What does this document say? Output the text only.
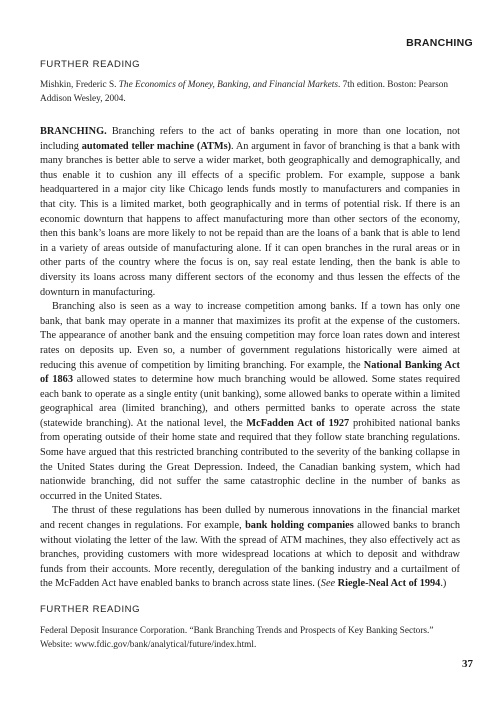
BRANCHING
FURTHER READING
Mishkin, Frederic S. The Economics of Money, Banking, and Financial Markets. 7th edition. Boston: Pearson Addison Wesley, 2004.

BRANCHING. Branching refers to the act of banks operating in more than one location, not including automated teller machine (ATMs). An argument in favor of branching is that a bank with many branches is better able to serve a wider market, both geographically and demographically, and thus enable it to cushion any ill effects of a specific problem. For example, suppose a bank headquartered in a major city like Chicago lends funds mostly to manufacturers and companies in that city. This is a limited market, both geographically and in terms of potential risk. If there is an economic downturn that happens to affect manufacturing more than other sectors of the economy, then this bank’s loans are more likely to not be repaid than are the loans of a bank that is able to lend in a variety of areas outside of manufacturing alone. If it can open branches in the rural areas or in other parts of the country where the focus is on, say real estate lending, then the bank is able to diversity its loans across many different sectors of the economy and thus lessen the effects of the downturn in manufacturing.

Branching also is seen as a way to increase competition among banks. If a town has only one bank, that bank may operate in a manner that maximizes its profit at the expense of the customers. The appearance of another bank and the ensuing competition may force loan rates down and interest rates on deposits up. Even so, a number of government regulations historically were aimed at reducing this avenue of competition by limiting branching. For example, the National Banking Act of 1863 allowed states to determine how much branching would be allowed. Some states required each bank to operate as a single entity (unit banking), some allowed banks to operate within a limited geographical area (limited branching), and others permitted banks to operate across the state (statewide branching). At the national level, the McFadden Act of 1927 prohibited national banks from operating outside of their home state and required that they follow state branching regulations. Some have argued that this restricted branching contributed to the severity of the banking collapse in the United States during the Great Depression. Indeed, the Canadian banking system, which had nationwide branching, did not suffer the same catastrophic decline in the number of banks as occurred in the United States.

The thrust of these regulations has been dulled by numerous innovations in the financial market and recent changes in regulations. For example, bank holding companies allowed banks to branch without violating the letter of the law. With the spread of ATM machines, they also effectively act as branches, providing customers with more widespread locations at which to deposit and withdraw funds from their accounts. More recently, deregulation of the banking industry and a curtailment of the McFadden Act have enabled banks to branch across state lines. (See Riegle-Neal Act of 1994.)

FURTHER READING
Federal Deposit Insurance Corporation. “Bank Branching Trends and Prospects of Key Banking Sectors.” Website: www.fdic.gov/bank/analytical/future/index.html.
37
